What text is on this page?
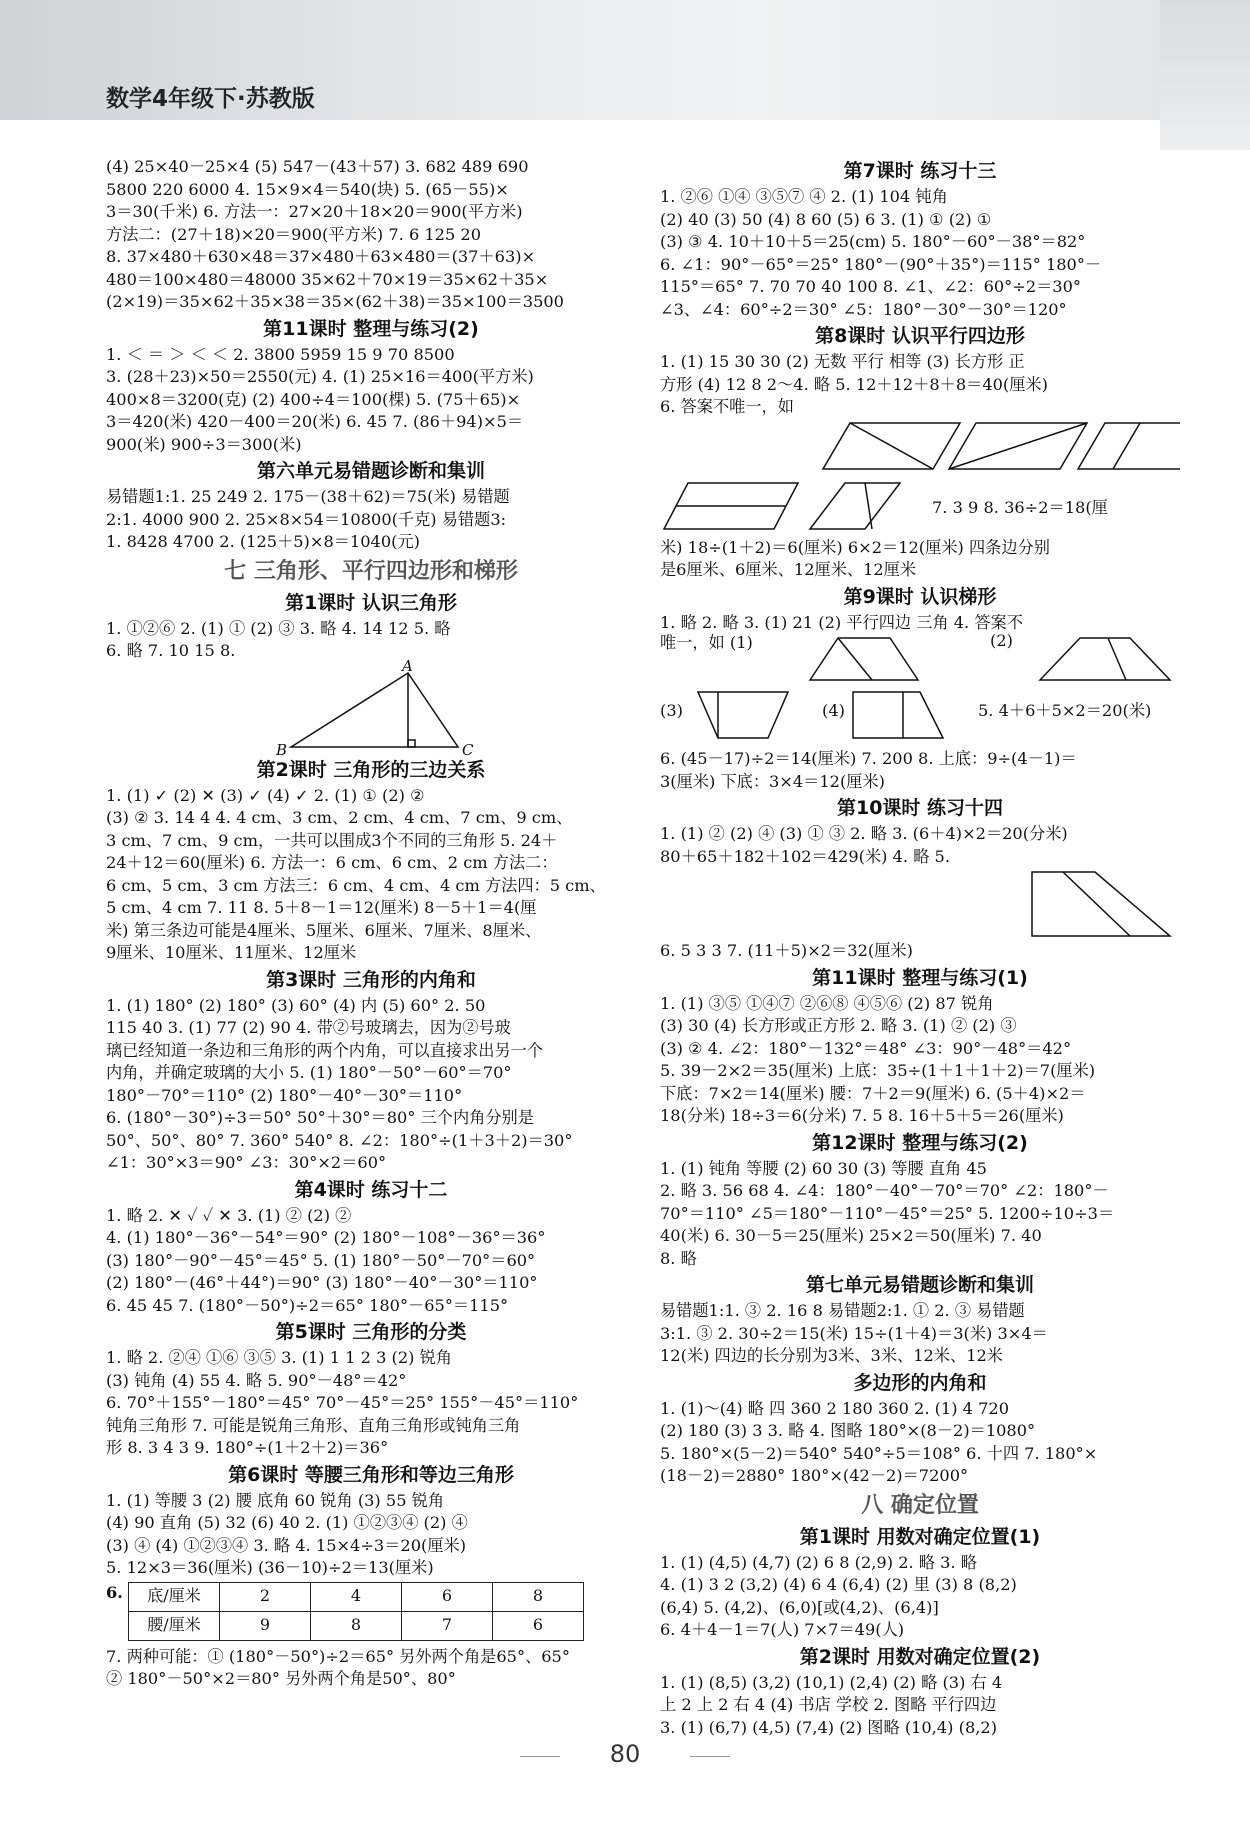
数学4年级下·苏教版
(4) 25×40－25×4 (5) 547－(43＋57) 3. 682 489 690
5800 220 6000 4. 15×9×4＝540(块) 5. (65－55)×
3＝30(千米) 6. 方法一：27×20＋18×20＝900(平方米)
方法二：(27＋18)×20＝900(平方米) 7. 6 125 20
8. 37×480＋630×48＝37×480＋63×480＝(37＋63)×
480＝100×480＝48000 35×62＋70×19＝35×62＋35×
(2×19)＝35×62＋35×38＝35×(62＋38)＝35×100＝3500
第11课时 整理与练习(2)
1. ＜ ＝ ＞ ＜ ＜ 2. 3800 5959 15 9 70 8500
3. (28＋23)×50＝2550(元) 4. (1) 25×16＝400(平方米)
400×8＝3200(克) (2) 400÷4＝100(棵) 5. (75＋65)×
3＝420(米) 420－400＝20(米) 6. 45 7. (86＋94)×5＝
900(米) 900÷3＝300(米)
第六单元易错题诊断和集训
易错题1:1. 25 249 2. 175－(38＋62)＝75(米) 易错题
2:1. 4000 900 2. 25×8×54＝10800(千克) 易错题3:
1. 8428 4700 2. (125＋5)×8＝1040(元)
七 三角形、平行四边形和梯形
第1课时 认识三角形
1. ①②⑥ 2. (1) ① (2) ③ 3. 略 4. 14 12 5. 略
6. 略 7. 10 15 8.
A
B	C
第2课时 三角形的三边关系
1. (1) ✓ (2) ✕ (3) ✓ (4) ✓ 2. (1) ① (2) ②
(3) ② 3. 14 4 4. 4 cm、3 cm、2 cm、4 cm、7 cm、9 cm、
3 cm、7 cm、9 cm，一共可以围成3个不同的三角形 5. 24＋
24＋12＝60(厘米) 6. 方法一：6 cm、6 cm、2 cm 方法二：
6 cm、5 cm、3 cm 方法三：6 cm、4 cm、4 cm 方法四：5 cm、
5 cm、4 cm 7. 11 8. 5＋8－1＝12(厘米) 8－5＋1＝4(厘
米) 第三条边可能是4厘米、5厘米、6厘米、7厘米、8厘米、
9厘米、10厘米、11厘米、12厘米
第3课时 三角形的内角和
1. (1) 180° (2) 180° (3) 60° (4) 内 (5) 60° 2. 50
115 40 3. (1) 77 (2) 90 4. 带②号玻璃去，因为②号玻
璃已经知道一条边和三角形的两个内角，可以直接求出另一个
内角，并确定玻璃的大小 5. (1) 180°－50°－60°＝70°
180°－70°＝110° (2) 180°－40°－30°＝110°
6. (180°－30°)÷3＝50° 50°＋30°＝80° 三个内角分别是
50°、50°、80° 7. 360° 540° 8. ∠2：180°÷(1＋3＋2)＝30°
∠1：30°×3＝90° ∠3：30°×2＝60°
第4课时 练习十二
1. 略 2. ✕ ✓ ✓ ✕ 3. (1) ② (2) ②
4. (1) 180°－36°－54°＝90° (2) 180°－108°－36°＝36°
(3) 180°－90°－45°＝45° 5. (1) 180°－50°－70°＝60°
(2) 180°－(46°＋44°)＝90° (3) 180°－40°－30°＝110°
6. 45 45 7. (180°－50°)÷2＝65° 180°－65°＝115°
第5课时 三角形的分类
1. 略 2. ②④ ①⑥ ③⑤ 3. (1) 1 1 2 3 (2) 锐角
(3) 钝角 (4) 55 4. 略 5. 90°－48°＝42°
6. 70°＋155°－180°＝45° 70°－45°＝25° 155°－45°＝110°
钝角三角形 7. 可能是锐角三角形、直角三角形或钝角三角
形 8. 3 4 3 9. 180°÷(1＋2＋2)＝36°
第6课时 等腰三角形和等边三角形
1. (1) 等腰 3 (2) 腰 底角 60 锐角 (3) 55 锐角
(4) 90 直角 (5) 32 (6) 40 2. (1) ①②③④ (2) ④
(3) ④ (4) ①②③④ 3. 略 4. 15×4÷3＝20(厘米)
5. 12×3＝36(厘米) (36－10)÷2＝13(厘米)
6. 底/厘米	2	4	6	8
腰/厘米	9	8	7	6
7. 两种可能：① (180°－50°)÷2＝65° 另外两个角是65°、65°
② 180°－50°×2＝80° 另外两个角是50°、80°
第7课时 练习十三
1. ②⑥ ①④ ③⑤⑦ ④ 2. (1) 104 钝角
(2) 40 (3) 50 (4) 8 60 (5) 6 3. (1) ① (2) ①
(3) ③ 4. 10＋10＋5＝25(cm) 5. 180°－60°－38°＝82°
6. ∠1：90°－65°＝25° 180°－(90°＋35°)＝115° 180°－
115°＝65° 7. 70 70 40 100 8. ∠1、∠2：60°÷2＝30°
∠3、∠4：60°÷2＝30° ∠5：180°－30°－30°＝120°
第8课时 认识平行四边形
1. (1) 15 30 30 (2) 无数 平行 相等 (3) 长方形 正
方形 (4) 12 8 2～4. 略 5. 12＋12＋8＋8＝40(厘米)
6. 答案不唯一，如
7. 3 9 8. 36÷2＝18(厘
米) 18÷(1＋2)＝6(厘米) 6×2＝12(厘米) 四条边分别
是6厘米、6厘米、12厘米、12厘米
第9课时 认识梯形
1. 略 2. 略 3. (1) 21 (2) 平行四边 三角 4. 答案不
唯一，如 (1)	(2)
(3)	(4)	5. 4＋6＋5×2＝20(米)
6. (45－17)÷2＝14(厘米) 7. 200 8. 上底：9÷(4－1)＝
3(厘米) 下底：3×4＝12(厘米)
第10课时 练习十四
1. (1) ② (2) ④ (3) ① ③ 2. 略 3. (6＋4)×2＝20(分米)
80＋65＋182＋102＝429(米) 4. 略 5.
6. 5 3 3 7. (11＋5)×2＝32(厘米)
第11课时 整理与练习(1)
1. (1) ③⑤ ①④⑦ ②⑥⑧ ④⑤⑥ (2) 87 锐角
(3) 30 (4) 长方形或正方形 2. 略 3. (1) ② (2) ③
(3) ② 4. ∠2：180°－132°＝48° ∠3：90°－48°＝42°
5. 39－2×2＝35(厘米) 上底：35÷(1＋1＋1＋2)＝7(厘米)
下底：7×2＝14(厘米) 腰：7＋2＝9(厘米) 6. (5＋4)×2＝
18(分米) 18÷3＝6(分米) 7. 5 8. 16＋5＋5＝26(厘米)
第12课时 整理与练习(2)
1. (1) 钝角 等腰 (2) 60 30 (3) 等腰 直角 45
2. 略 3. 56 68 4. ∠4：180°－40°－70°＝70° ∠2：180°－
70°＝110° ∠5＝180°－110°－45°＝25° 5. 1200÷10÷3＝
40(米) 6. 30－5＝25(厘米) 25×2＝50(厘米) 7. 40
8. 略
第七单元易错题诊断和集训
易错题1:1. ③ 2. 16 8 易错题2:1. ① 2. ③ 易错题
3:1. ③ 2. 30÷2＝15(米) 15÷(1＋4)＝3(米) 3×4＝
12(米) 四边的长分别为3米、3米、12米、12米
多边形的内角和
1. (1)～(4) 略 四 360 2 180 360 2. (1) 4 720
(2) 180 (3) 3 3. 略 4. 图略 180°×(8－2)＝1080°
5. 180°×(5－2)＝540° 540°÷5＝108° 6. 十四 7. 180°×
(18－2)＝2880° 180°×(42－2)＝7200°
八 确定位置
第1课时 用数对确定位置(1)
1. (1) (4,5) (4,7) (2) 6 8 (2,9) 2. 略 3. 略
4. (1) 3 2 (3,2) (4) 6 4 (6,4) (2) 里 (3) 8 (8,2)
(6,4) 5. (4,2)、(6,0)[或(4,2)、(6,4)]
6. 4＋4－1＝7(人) 7×7＝49(人)
第2课时 用数对确定位置(2)
1. (1) (8,5) (3,2) (10,1) (2,4) (2) 略 (3) 右 4
上 2 上 2 右 4 (4) 书店 学校 2. 图略 平行四边
3. (1) (6,7) (4,5) (7,4) (2) 图略 (10,4) (8,2)
80
